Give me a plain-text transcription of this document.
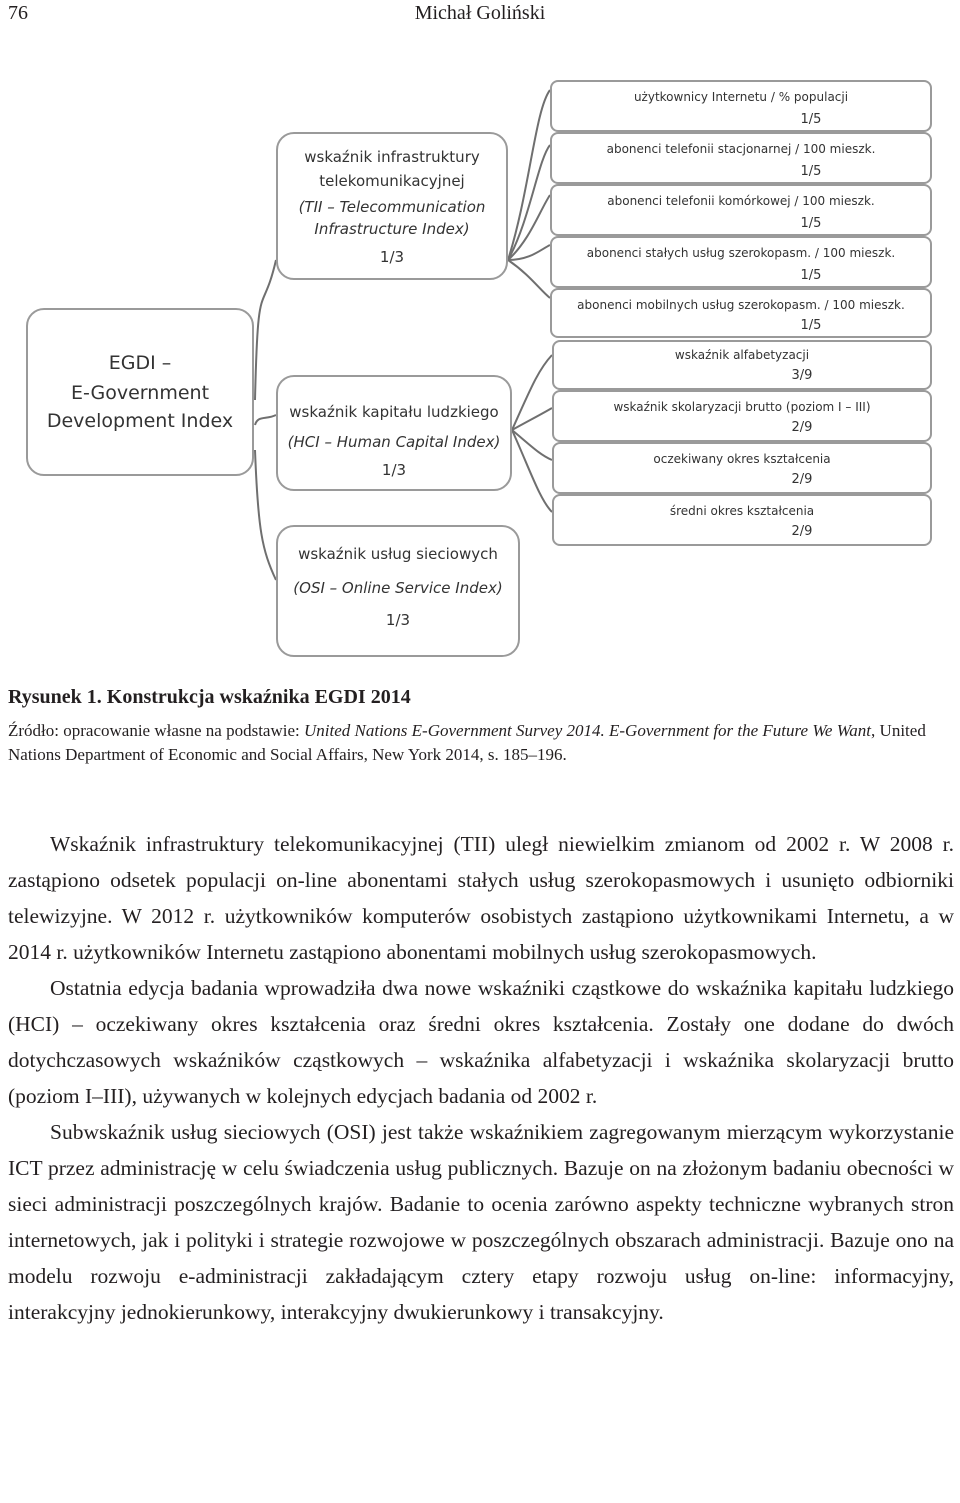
76	Michał Goliński
EGDI –
E-Government
Development Index
wskaźnik infrastruktury
telekomunikacyjnej
(TII – Telecommunication
Infrastructure Index)
1/3
wskaźnik kapitału ludzkiego
(HCI – Human Capital Index)
1/3
wskaźnik usług sieciowych
(OSI – Online Service Index)
1/3
użytkownicy Internetu / % populacji
1/5
abonenci telefonii stacjonarnej / 100 mieszk.
1/5
abonenci telefonii komórkowej / 100 mieszk.
1/5
abonenci stałych usług szerokopasm. / 100 mieszk.
1/5
abonenci mobilnych usług szerokopasm. / 100 mieszk.
1/5
wskaźnik alfabetyzacji
3/9
wskaźnik skolaryzacji brutto (poziom I – III)
2/9
oczekiwany okres kształcenia
2/9
średni okres kształcenia
2/9
Rysunek 1. Konstrukcja wskaźnika EGDI 2014
Źródło: opracowanie własne na podstawie: United Nations E-Government Survey 2014. E-Government for the Future We Want, United Nations Department of Economic and Social Affairs, New York 2014, s. 185–196.

Wskaźnik infrastruktury telekomunikacyjnej (TII) uległ niewielkim zmianom od 2002 r. W 2008 r. zastąpiono odsetek populacji on-line abonentami stałych usług szerokopasmowych i usunięto odbiorniki telewizyjne. W 2012 r. użytkowników komputerów osobistych zastąpiono użytkownikami Internetu, a w 2014 r. użytkowników Internetu zastąpiono abonentami mobilnych usług szerokopasmowych.

Ostatnia edycja badania wprowadziła dwa nowe wskaźniki cząstkowe do wskaźnika kapitału ludzkiego (HCI) – oczekiwany okres kształcenia oraz średni okres kształcenia. Zostały one dodane do dwóch dotychczasowych wskaźników cząstkowych – wskaźnika alfabetyzacji i wskaźnika skolaryzacji brutto (poziom I–III), używanych w kolejnych edycjach badania od 2002 r.

Subwskaźnik usług sieciowych (OSI) jest także wskaźnikiem zagregowanym mierzącym wykorzystanie ICT przez administrację w celu świadczenia usług publicznych. Bazuje on na złożonym badaniu obecności w sieci administracji poszczególnych krajów. Badanie to ocenia zarówno aspekty techniczne wybranych stron internetowych, jak i polityki i strategie rozwojowe w poszczególnych obszarach administracji. Bazuje ono na modelu rozwoju e-administracji zakładającym cztery etapy rozwoju usług on-line: informacyjny, interakcyjny jednokierunkowy, interakcyjny dwukierunkowy i transakcyjny.
